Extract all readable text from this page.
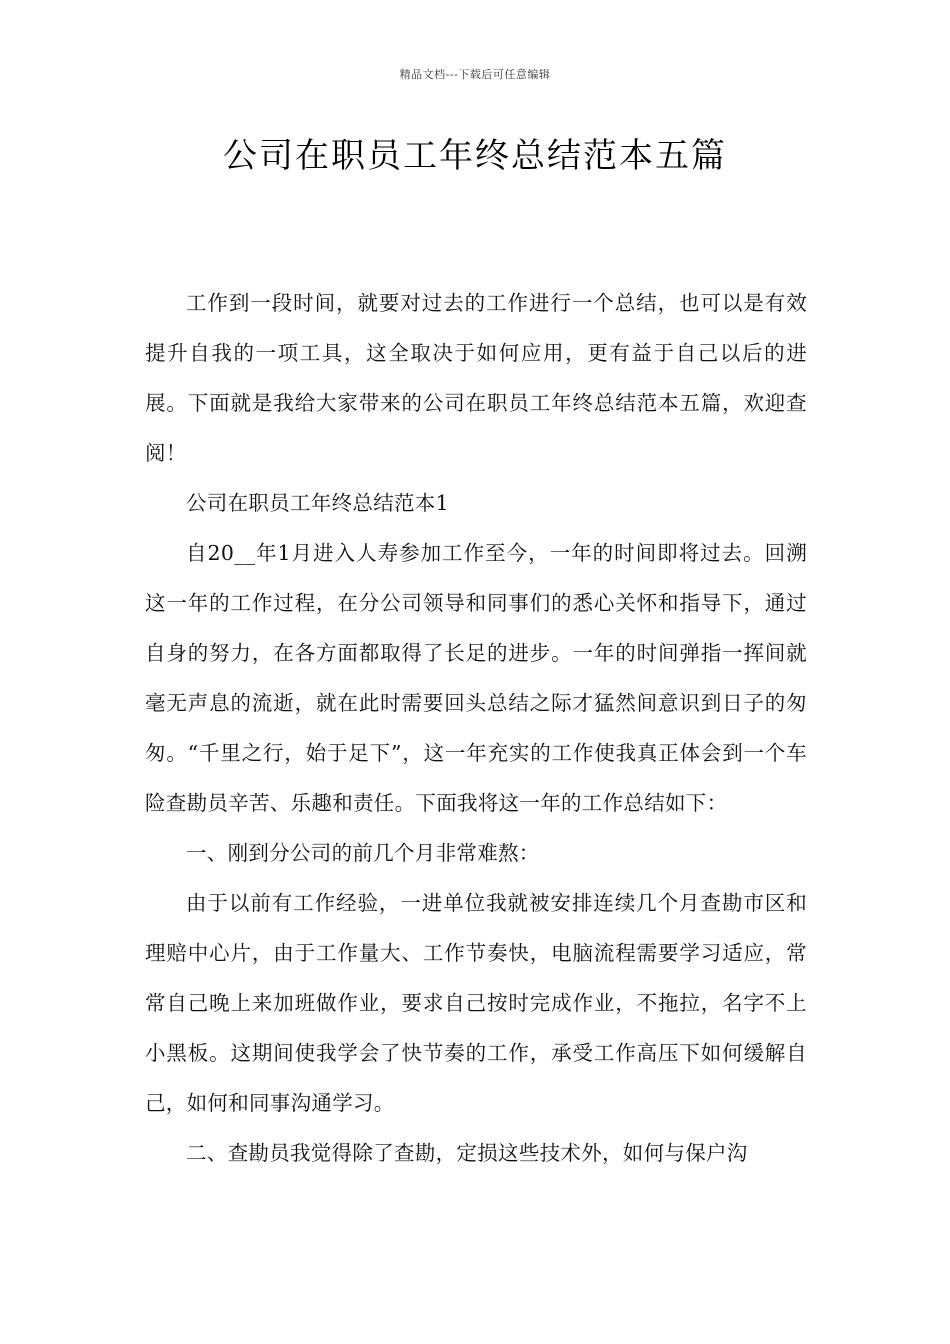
精品文档---下载后可任意编辑
公司在职员工年终总结范本五篇

工作到一段时间，就要对过去的工作进行一个总结，也可以是有效提升自我的一项工具，这全取决于如何应用，更有益于自己以后的进展。下面就是我给大家带来的公司在职员工年终总结范本五篇，欢迎查阅！

公司在职员工年终总结范本1

自20__年1月进入人寿参加工作至今，一年的时间即将过去。回溯这一年的工作过程，在分公司领导和同事们的悉心关怀和指导下，通过自身的努力，在各方面都取得了长足的进步。一年的时间弹指一挥间就毫无声息的流逝，就在此时需要回头总结之际才猛然间意识到日子的匆匆。“千里之行，始于足下”，这一年充实的工作使我真正体会到一个车险查勘员辛苦、乐趣和责任。下面我将这一年的工作总结如下：

一、刚到分公司的前几个月非常难熬：

由于以前有工作经验，一进单位我就被安排连续几个月查勘市区和理赔中心片，由于工作量大、工作节奏快，电脑流程需要学习适应，常常自己晚上来加班做作业，要求自己按时完成作业，不拖拉，名字不上小黑板。这期间使我学会了快节奏的工作，承受工作高压下如何缓解自己，如何和同事沟通学习。

二、查勘员我觉得除了查勘，定损这些技术外，如何与保户沟
